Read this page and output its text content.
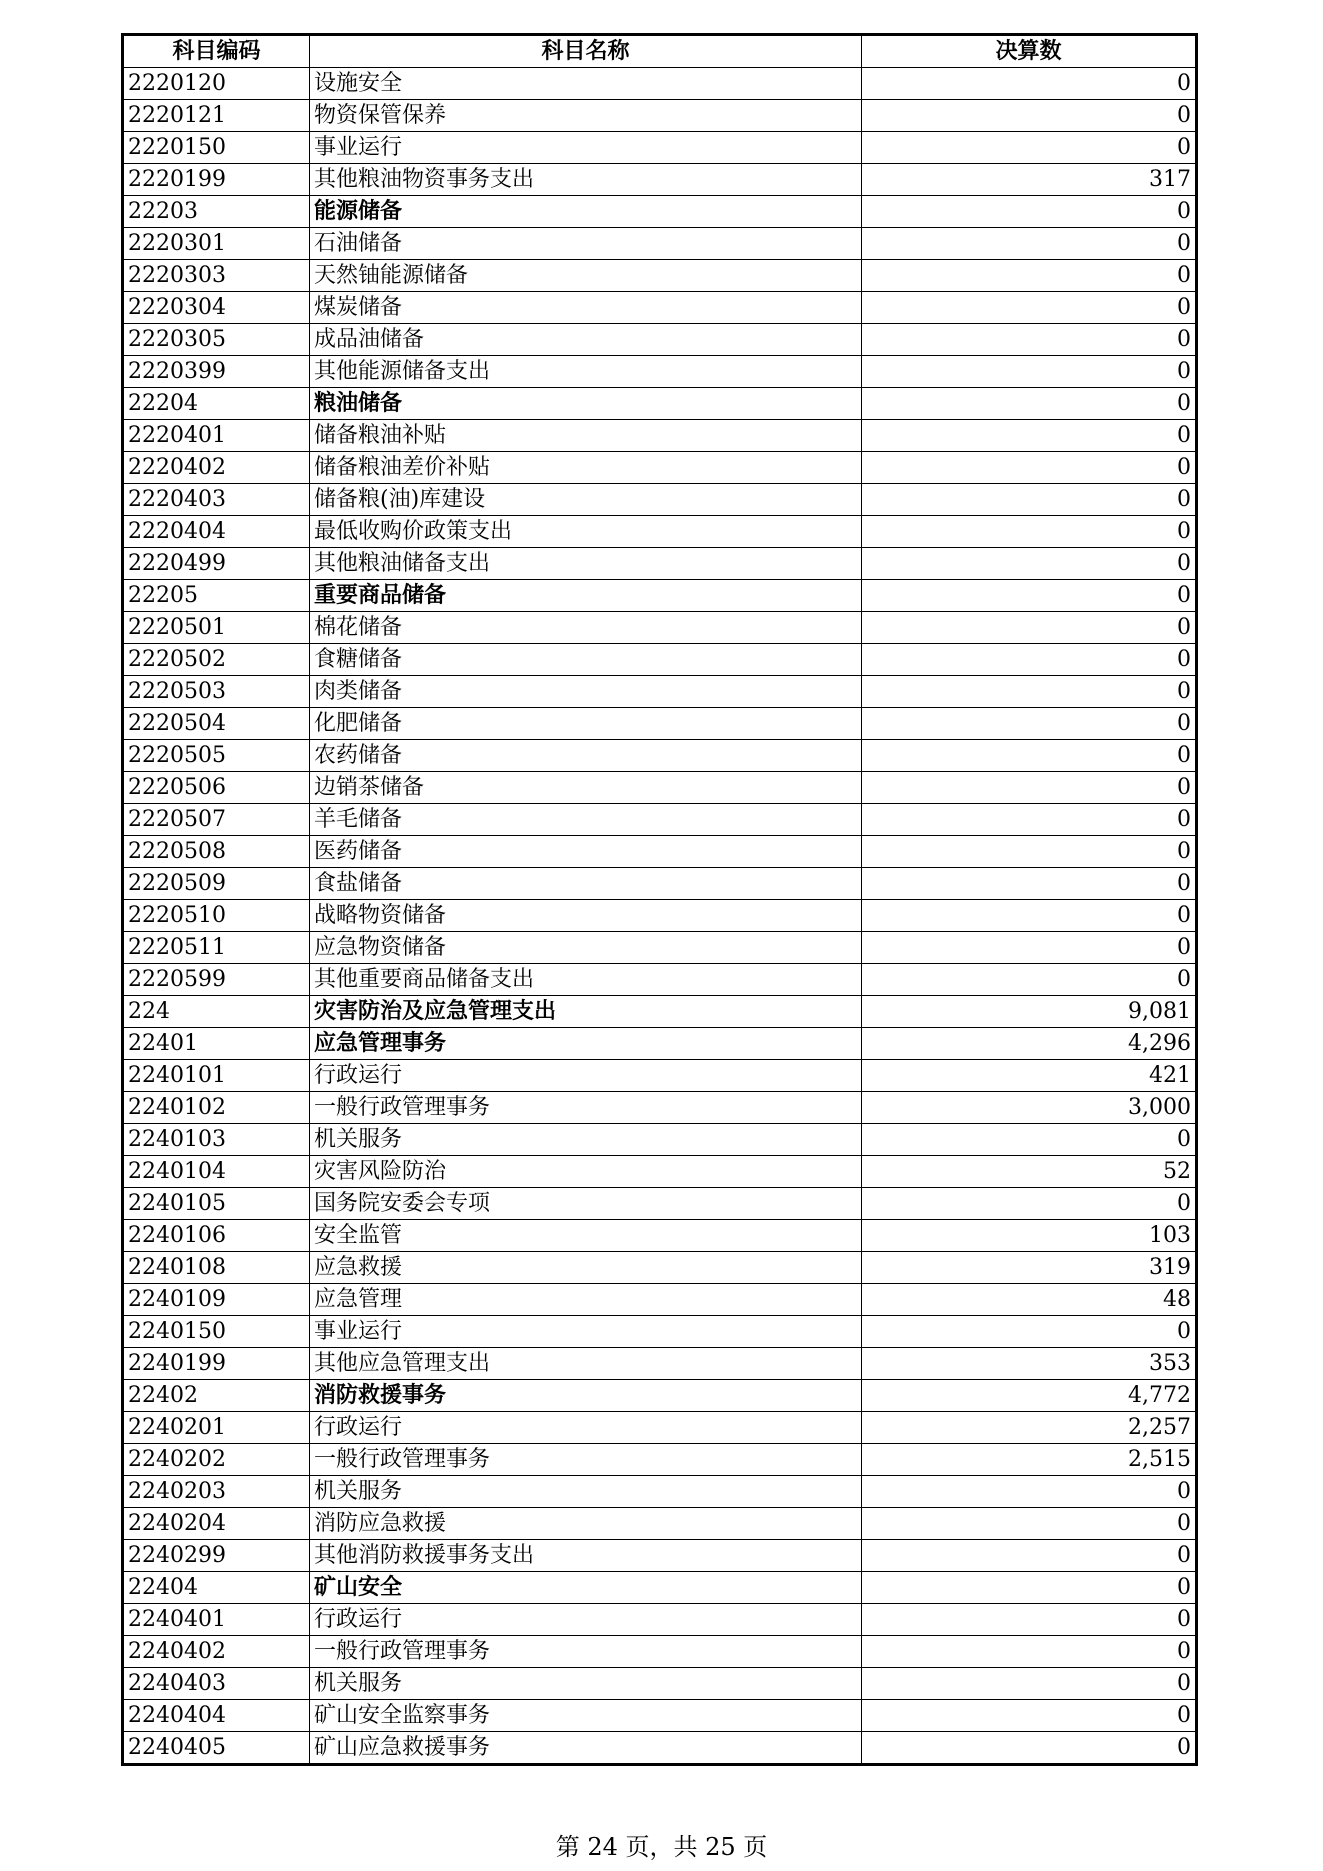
科目编码	科目名称	决算数
2220120	设施安全	0
2220121	物资保管保养	0
2220150	事业运行	0
2220199	其他粮油物资事务支出	317
22203	能源储备	0
2220301	石油储备	0
2220303	天然铀能源储备	0
2220304	煤炭储备	0
2220305	成品油储备	0
2220399	其他能源储备支出	0
22204	粮油储备	0
2220401	储备粮油补贴	0
2220402	储备粮油差价补贴	0
2220403	储备粮(油)库建设	0
2220404	最低收购价政策支出	0
2220499	其他粮油储备支出	0
22205	重要商品储备	0
2220501	棉花储备	0
2220502	食糖储备	0
2220503	肉类储备	0
2220504	化肥储备	0
2220505	农药储备	0
2220506	边销茶储备	0
2220507	羊毛储备	0
2220508	医药储备	0
2220509	食盐储备	0
2220510	战略物资储备	0
2220511	应急物资储备	0
2220599	其他重要商品储备支出	0
224	灾害防治及应急管理支出	9,081
22401	应急管理事务	4,296
2240101	行政运行	421
2240102	一般行政管理事务	3,000
2240103	机关服务	0
2240104	灾害风险防治	52
2240105	国务院安委会专项	0
2240106	安全监管	103
2240108	应急救援	319
2240109	应急管理	48
2240150	事业运行	0
2240199	其他应急管理支出	353
22402	消防救援事务	4,772
2240201	行政运行	2,257
2240202	一般行政管理事务	2,515
2240203	机关服务	0
2240204	消防应急救援	0
2240299	其他消防救援事务支出	0
22404	矿山安全	0
2240401	行政运行	0
2240402	一般行政管理事务	0
2240403	机关服务	0
2240404	矿山安全监察事务	0
2240405	矿山应急救援事务	0
第 24 页，共 25 页
